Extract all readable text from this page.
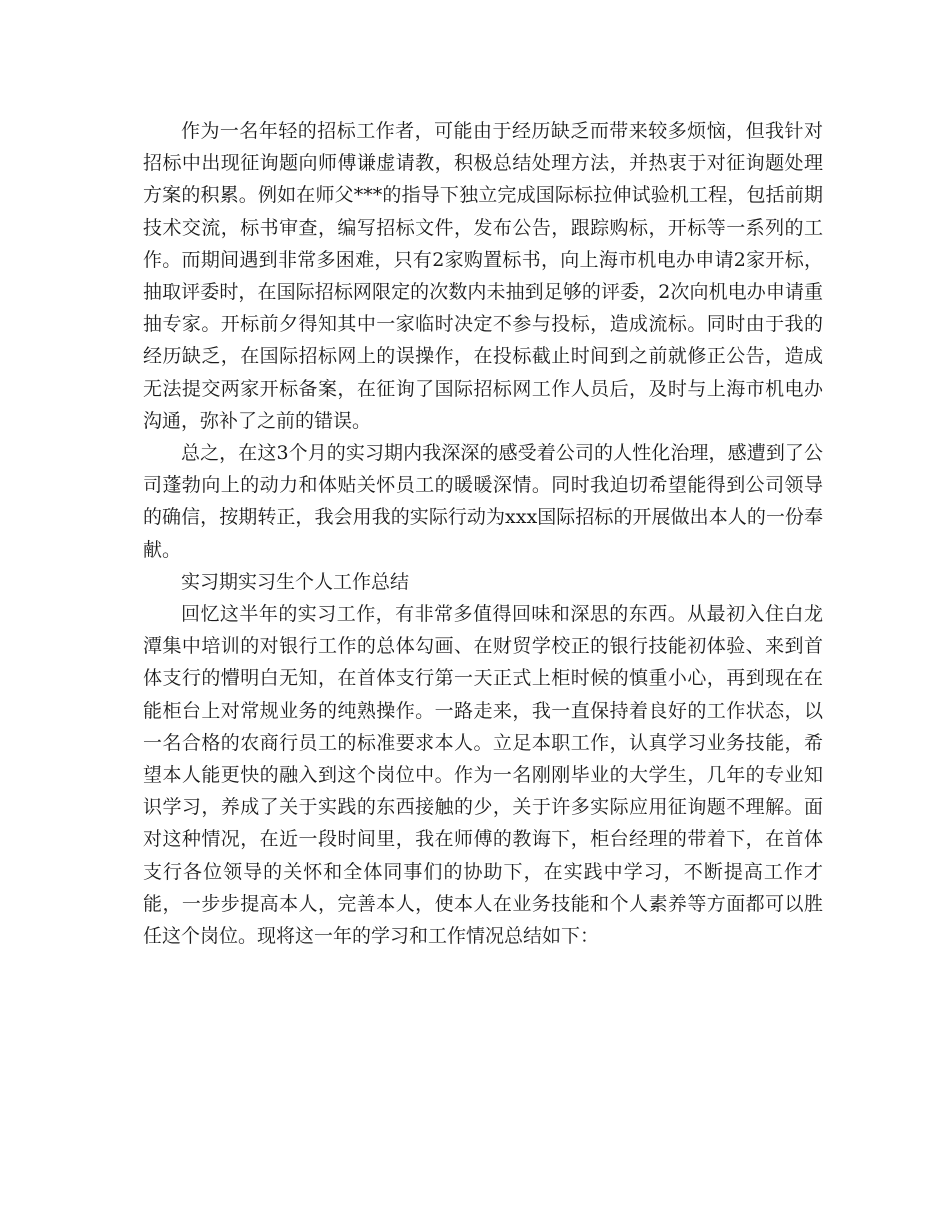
作为一名年轻的招标工作者，可能由于经历缺乏而带来较多烦恼，但我针对招标中出现征询题向师傅谦虚请教，积极总结处理方法，并热衷于对征询题处理方案的积累。例如在师父***的指导下独立完成国际标拉伸试验机工程，包括前期技术交流，标书审查，编写招标文件，发布公告，跟踪购标，开标等一系列的工作。而期间遇到非常多困难，只有2家购置标书，向上海市机电办申请2家开标，抽取评委时，在国际招标网限定的次数内未抽到足够的评委，2次向机电办申请重抽专家。开标前夕得知其中一家临时决定不参与投标，造成流标。同时由于我的经历缺乏，在国际招标网上的误操作，在投标截止时间到之前就修正公告，造成无法提交两家开标备案，在征询了国际招标网工作人员后，及时与上海市机电办沟通，弥补了之前的错误。

总之，在这3个月的实习期内我深深的感受着公司的人性化治理，感遭到了公司蓬勃向上的动力和体贴关怀员工的暖暖深情。同时我迫切希望能得到公司领导的确信，按期转正，我会用我的实际行动为xxx国际招标的开展做出本人的一份奉献。

实习期实习生个人工作总结

回忆这半年的实习工作，有非常多值得回味和深思的东西。从最初入住白龙潭集中培训的对银行工作的总体勾画、在财贸学校正的银行技能初体验、来到首体支行的懵明白无知，在首体支行第一天正式上柜时候的慎重小心，再到现在在能柜台上对常规业务的纯熟操作。一路走来，我一直保持着良好的工作状态，以一名合格的农商行员工的标准要求本人。立足本职工作，认真学习业务技能，希望本人能更快的融入到这个岗位中。作为一名刚刚毕业的大学生，几年的专业知识学习，养成了关于实践的东西接触的少，关于许多实际应用征询题不理解。面对这种情况，在近一段时间里，我在师傅的教诲下，柜台经理的带着下，在首体支行各位领导的关怀和全体同事们的协助下，在实践中学习，不断提高工作才能，一步步提高本人，完善本人，使本人在业务技能和个人素养等方面都可以胜任这个岗位。现将这一年的学习和工作情况总结如下：
